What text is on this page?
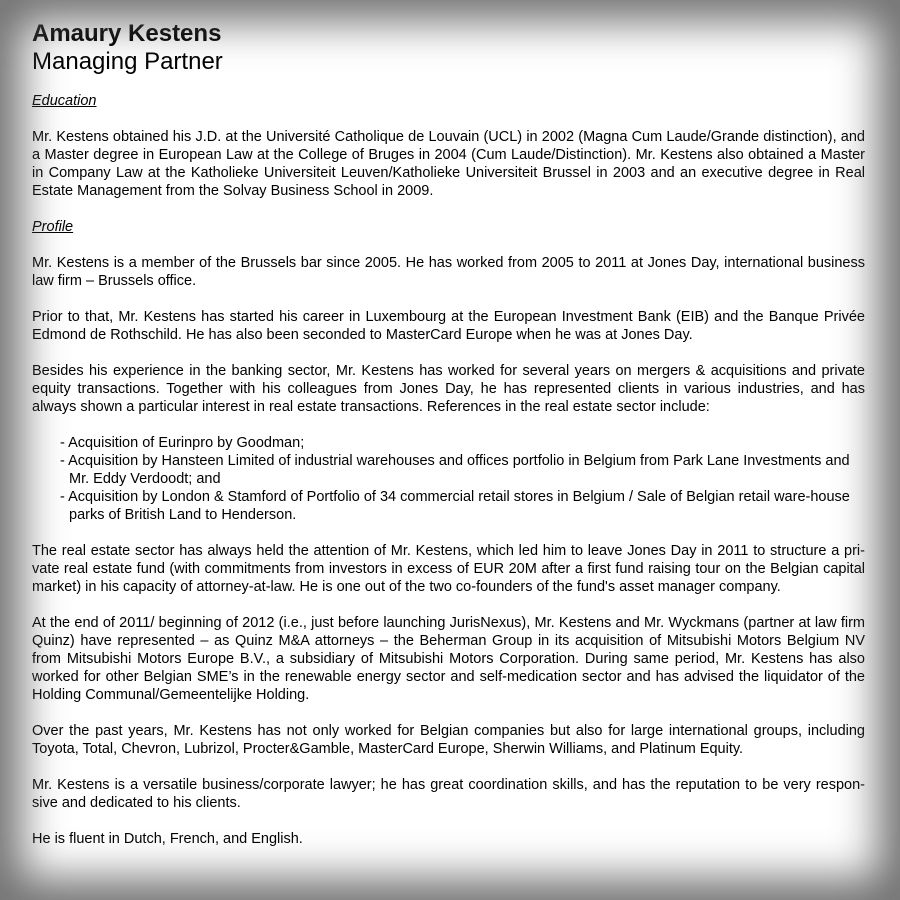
Amaury Kestens
Managing Partner
Education

Mr. Kestens obtained his J.D. at the Université Catholique de Louvain (UCL) in 2002 (Magna Cum Laude/Grande distinction), and a Master degree in European Law at the College of Bruges in 2004 (Cum Laude/Distinction). Mr. Kestens also obtained a Master in Company Law at the Katholieke Universiteit Leuven/Katholieke Universiteit Brussel in 2003 and an executive degree in Real Estate Management from the Solvay Business School in 2009.

Profile

Mr. Kestens is a member of the Brussels bar since 2005. He has worked from 2005 to 2011 at Jones Day, international business law firm – Brussels office.

Prior to that, Mr. Kestens has started his career in Luxembourg at the European Investment Bank (EIB) and the Banque Privée Edmond de Rothschild. He has also been seconded to MasterCard Europe when he was at Jones Day.

Besides his experience in the banking sector, Mr. Kestens has worked for several years on mergers & acquisitions and private equity transactions. Together with his colleagues from Jones Day, he has represented clients in various industries, and has always shown a particular interest in real estate transactions. References in the real estate sector include:

- Acquisition of Eurinpro by Goodman;
- Acquisition by Hansteen Limited of industrial warehouses and offices portfolio in Belgium from Park Lane Investments and Mr. Eddy Verdoodt; and
- Acquisition by London & Stamford of Portfolio of 34 commercial retail stores in Belgium / Sale of Belgian retail ware-house parks of British Land to Henderson.

The real estate sector has always held the attention of Mr. Kestens, which led him to leave Jones Day in 2011 to structure a pri-vate real estate fund (with commitments from investors in excess of EUR 20M after a first fund raising tour on the Belgian capital market) in his capacity of attorney-at-law. He is one out of the two co-founders of the fund's asset manager company.

At the end of 2011/ beginning of 2012 (i.e., just before launching JurisNexus), Mr. Kestens and Mr. Wyckmans (partner at law firm Quinz) have represented – as Quinz M&A attorneys – the Beherman Group in its acquisition of Mitsubishi Motors Belgium NV from Mitsubishi Motors Europe B.V., a subsidiary of Mitsubishi Motors Corporation. During same period, Mr. Kestens has also worked for other Belgian SME’s in the renewable energy sector and self-medication sector and has advised the liquidator of the Holding Communal/Gemeentelijke Holding.

Over the past years, Mr. Kestens has not only worked for Belgian companies but also for large international groups, including Toyota, Total, Chevron, Lubrizol, Procter&Gamble, MasterCard Europe, Sherwin Williams, and Platinum Equity.

Mr. Kestens is a versatile business/corporate lawyer; he has great coordination skills, and has the reputation to be very respon-sive and dedicated to his clients.

He is fluent in Dutch, French, and English.
